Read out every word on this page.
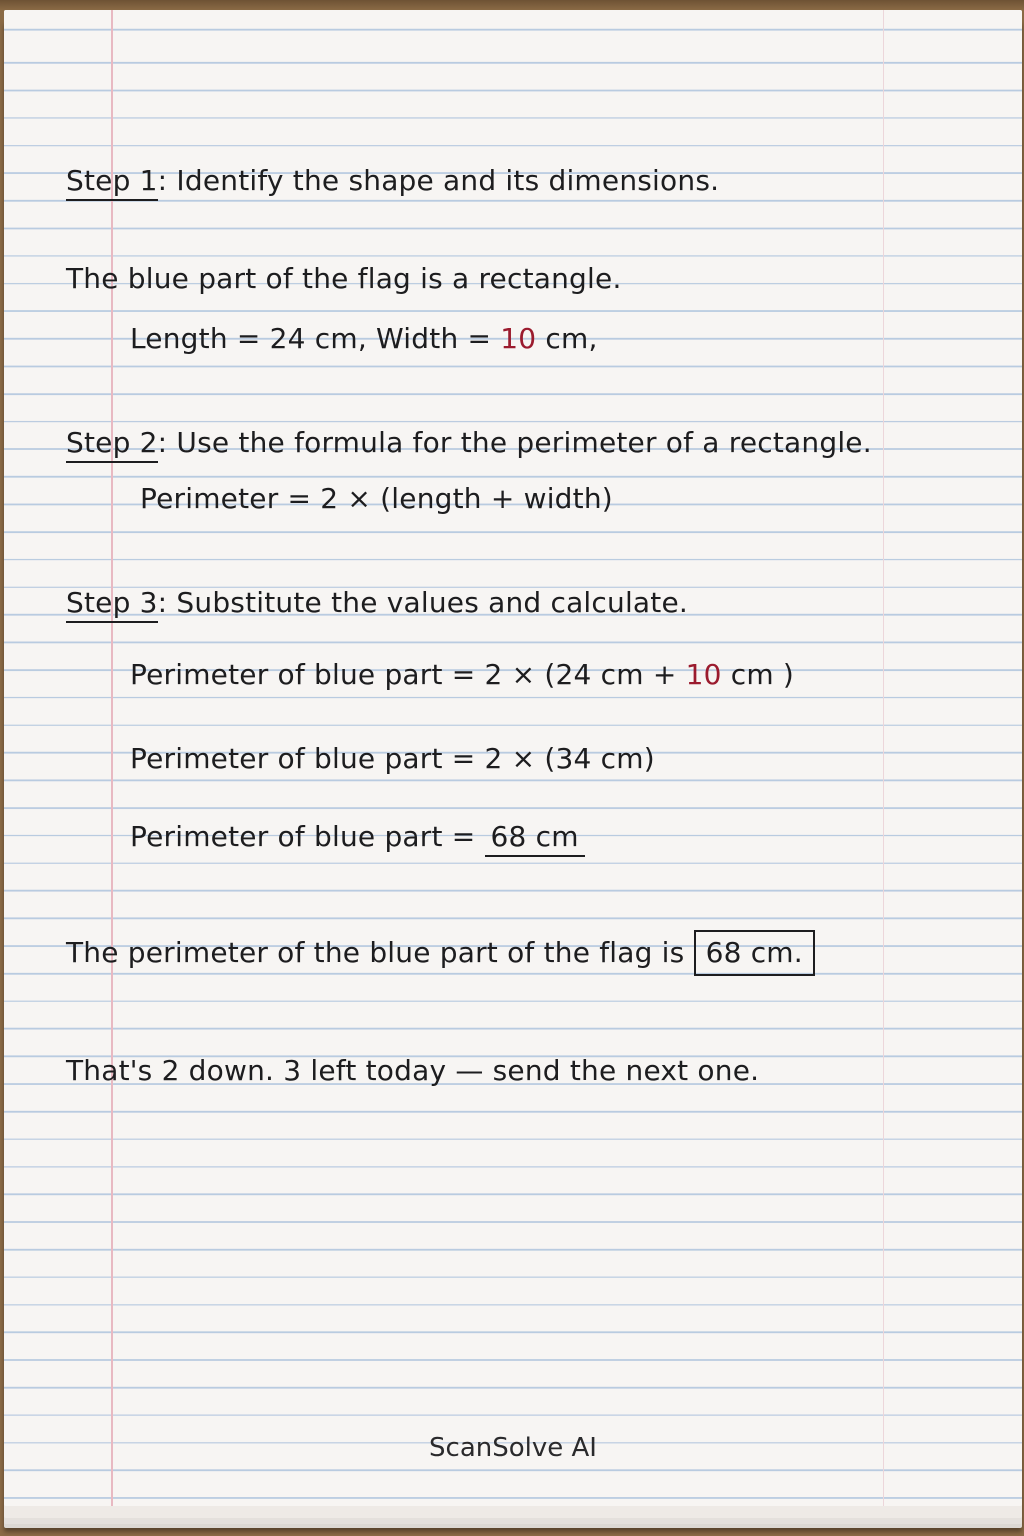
Step 1: Identify the shape and its dimensions.
The blue part of the flag is a rectangle.
Length = 24 cm, Width = 10 cm,
Step 2: Use the formula for the perimeter of a rectangle.
Perimeter = 2 × (length + width)
Step 3: Substitute the values and calculate.
Perimeter of blue part = 2 × (24 cm + 10 cm )
Perimeter of blue part = 2 × (34 cm)
Perimeter of blue part = 68 cm
The perimeter of the blue part of the flag is 68 cm.
That's 2 down. 3 left today — send the next one.
ScanSolve AI
